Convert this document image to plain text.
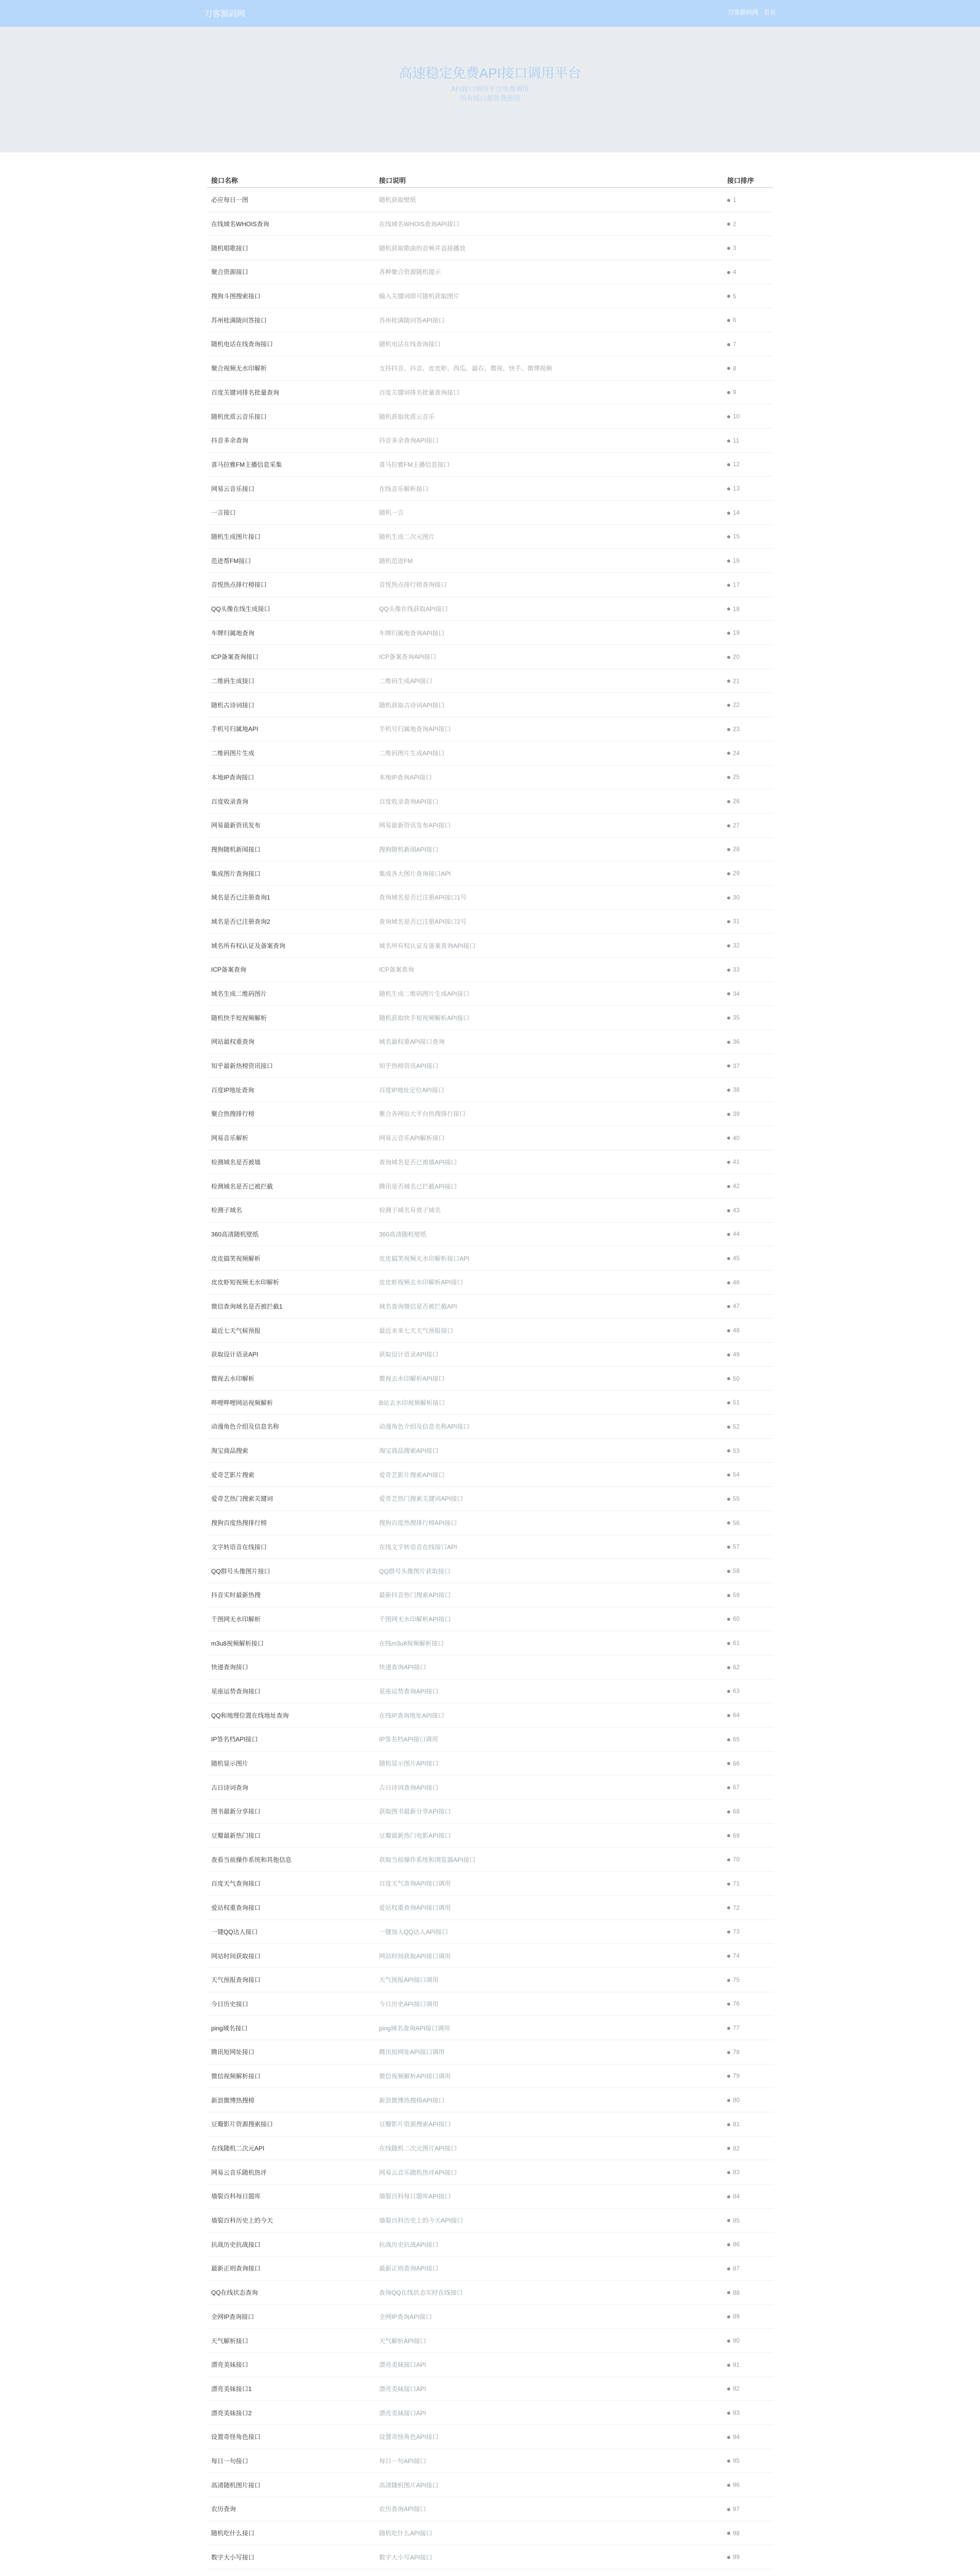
刀客源码网	刀客源码网 · 首页
高速稳定免费API接口调用平台
API接口调用平台免费调用
所有接口都免费使用
接口名称	接口说明	接口排序
必应每日一图	随机获取壁纸	1
在线域名WHOIS查询	在线域名WHOIS查询API接口	2
随机唱歌接口	随机获取歌曲的音频并直接播放	3
聚合资源接口	各种聚合资源随机提示	4
搜狗斗图搜索接口	输入关键词即可随机获取图片	5
苏州桂满陇问答接口	苏州桂满陇问答API接口	6
随机电话在线查询接口	随机电话在线查询接口	7
聚合视频无水印解析	支持抖音、抖音、皮皮虾、西瓜、最右、微视、快手、微博视频	8
百度关键词排名批量查询	百度关键词排名批量查询接口	9
随机优质云音乐接口	随机获取优质云音乐	10
抖音多余查询	抖音多余查询API接口	11
喜马拉雅FM主播信息采集	喜马拉雅FM主播信息接口	12
网易云音乐接口	在线音乐解析接口	13
一言接口	随机一言	14
随机生成图片接口	随机生成二次元图片	15
范进帮FM接口	随机范进FM	16
音悦热点排行榜接口	音悦热点排行榜查询接口	17
QQ头像在线生成接口	QQ头像在线获取API接口	18
车牌归属地查询	车牌归属地查询API接口	19
ICP备案查询接口	ICP备案查询API接口	20
二维码生成接口	二维码生成API接口	21
随机古诗词接口	随机获取古诗词API接口	22
手机号归属地API	手机号归属地查询API接口	23
二维码图片生成	二维码图片生成API接口	24
本地IP查询接口	本地IP查询API接口	25
百度收录查询	百度收录查询API接口	26
网易最新资讯发布	网易最新资讯发布API接口	27
搜狗随机新闻接口	搜狗随机新闻API接口	28
集成图片查询接口	集成各大图片查询接口API	29
域名是否已注册查询1	查询域名是否已注册API接口1号	30
域名是否已注册查询2	查询域名是否已注册API接口2号	31
域名所有权认证及备案查询	域名所有权认证及备案查询API接口	32
ICP备案查询	ICP备案查询	33
域名生成二维码图片	随机生成二维码图片生成API接口	34
随机快手短视频解析	随机获取快手短视频解析API接口	35
网站最权重查询	域名最权重API接口查询	36
知乎最新热榜资讯接口	知乎热榜资讯API接口	37
百度IP地址查询	百度IP地址定位API接口	38
聚合热搜排行榜	聚合各网站大平台热搜排行接口	39
网易音乐解析	网易云音乐API解析接口	40
检测域名是否被墙	查询域名是否已被墙API接口	41
检测域名是否已被拦截	腾讯是否域名已拦截API接口	42
检测子域名	检测子域名有效子域名	43
360高清随机壁纸	360高清随机壁纸	44
皮皮搞笑视频解析	皮皮搞笑视频无水印解析接口API	45
皮皮虾短视频无水印解析	皮皮虾视频去水印解析API接口	46
微信查询域名是否被拦截1	域名查询微信是否被拦截API	47
最近七天气候预报	最近未来七天天气预报接口	48
获取设计语录API	获取设计语录API接口	49
微视去水印解析	微视去水印解析API接口	50
哔哩哔哩网站视频解析	B站去水印视频解析接口	51
动漫角色介绍及信息名称	动漫角色介绍及信息名称API接口	52
淘宝商品搜索	淘宝商品搜索API接口	53
爱奇艺影片搜索	爱奇艺影片搜索API接口	54
爱奇艺热门搜索关键词	爱奇艺热门搜索关键词API接口	55
搜狗百度热搜排行榜	搜狗百度热搜排行榜API接口	56
文字转语音在线接口	在线文字转语音在线接口API	57
QQ群号头像图片接口	QQ群号头像图片获取接口	58
抖音实时最新热搜	最新抖音热门搜索API接口	59
千图网无水印解析	千图网无水印解析API接口	60
m3u8视频解析接口	在线m3u8视频解析接口	61
快递查询接口	快递查询API接口	62
星座运势查询接口	星座运势查询API接口	63
QQ和地理位置在线地址查询	在线IP查询地址API接口	64
IP签名档API接口	IP签名档API接口调用	65
随机显示图片	随机显示图片API接口	66
古日诗词查询	古日诗词查询API接口	67
图书最新分享接口	获取图书最新分享API接口	68
豆瓣最新热门接口	豆瓣最新热门电影API接口	69
查看当前操作系统和其他信息	获取当前操作系统和浏览器API接口	70
百度天气查询接口	百度天气查询API接口调用	71
爱站权重查询接口	爱站权重查询API接口调用	72
一键QQ达人接口	一键加入QQ达人API接口	73
网站时间获取接口	网站时间获取API接口调用	74
天气预报查询接口	天气预报API接口调用	75
今日历史接口	今日历史API接口调用	76
ping域名接口	ping域名查询API接口调用	77
腾讯短网址接口	腾讯短网址API接口调用	78
微信视频解析接口	微信视频解析API接口调用	79
新浪微博热搜榜	新浪微博热搜榜API接口	80
豆瓣影片资源搜索接口	豆瓣影片资源搜索API接口	81
在线随机二次元API	在线随机二次元图片API接口	82
网易云音乐随机热评	网易云音乐随机热评API接口	83
墙裂百科每日题库	墙裂百科每日题库API接口	84
墙裂百科历史上的今天	墙裂百科历史上的今天API接口	85
抗战历史抗战接口	抗战历史抗战API接口	86
最新正则查询接口	最新正则查询API接口	87
QQ在线状态查询	查询QQ在线状态实时在线接口	88
全网IP查询接口	全网IP查询API接口	89
天气解析接口	天气解析API接口	90
漂亮美妹接口	漂亮美妹接口API	91
漂亮美妹接口1	漂亮美妹接口API	92
漂亮美妹接口2	漂亮美妹接口API	93
设置奇怪角色接口	设置奇怪角色API接口	94
每日一句接口	每日一句API接口	95
高清随机图片接口	高清随机图片API接口	96
农历查询	农历查询API接口	97
随机吃什么接口	随机吃什么API接口	98
数字大小写接口	数字大小写API接口	99
